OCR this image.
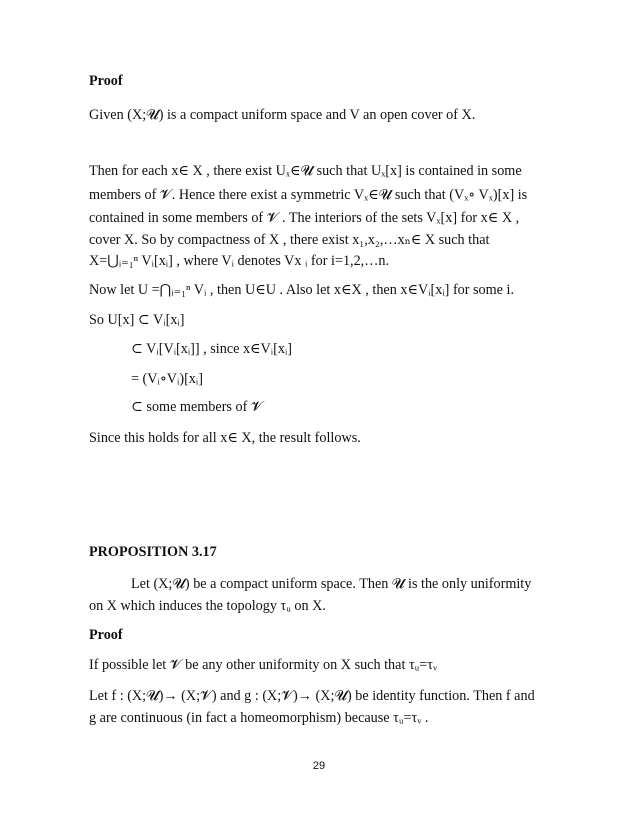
Proof
Given (X;𝓤) is a compact uniform space and V an open cover of X.
Then for each x∈ X , there exist Uₓ∈𝓤 such that Uₓ[x] is contained in some
members of 𝓥. Hence there exist a symmetric Vₓ∈𝓤 such that (Vₓ∘ Vₓ)[x] is
contained in some members of 𝓥 . The interiors of the sets Vₓ[x] for x∈ X ,
cover X. So by compactness of X , there exist x₁,x₂,…xₙ∈ X such that
X=⋃ᵢ₌₁ⁿ Vᵢ[xᵢ] , where Vᵢ denotes Vx ᵢ for i=1,2,…n.
Now let U =⋂ᵢ₌₁ⁿ Vᵢ , then U∈U . Also let x∈X , then x∈Vᵢ[xᵢ] for some i.
So U[x] ⊂ Vᵢ[xᵢ]
⊂ Vᵢ[Vᵢ[xᵢ]] , since x∈Vᵢ[xᵢ]
= (Vᵢ∘Vᵢ)[xᵢ]
⊂ some members of 𝓥
Since this holds for all x∈ X, the result follows.
PROPOSITION 3.17
Let (X;𝓤) be a compact uniform space. Then 𝓤 is the only uniformity
on X which induces the topology τᵤ on X.
Proof
If possible let 𝓥 be any other uniformity on X such that τᵤ=τᵥ
Let f : (X;𝓤)→ (X;𝓥) and g : (X;𝓥)→ (X;𝓤) be identity function. Then f and
g are continuous (in fact a homeomorphism) because τᵤ=τᵥ .
29
